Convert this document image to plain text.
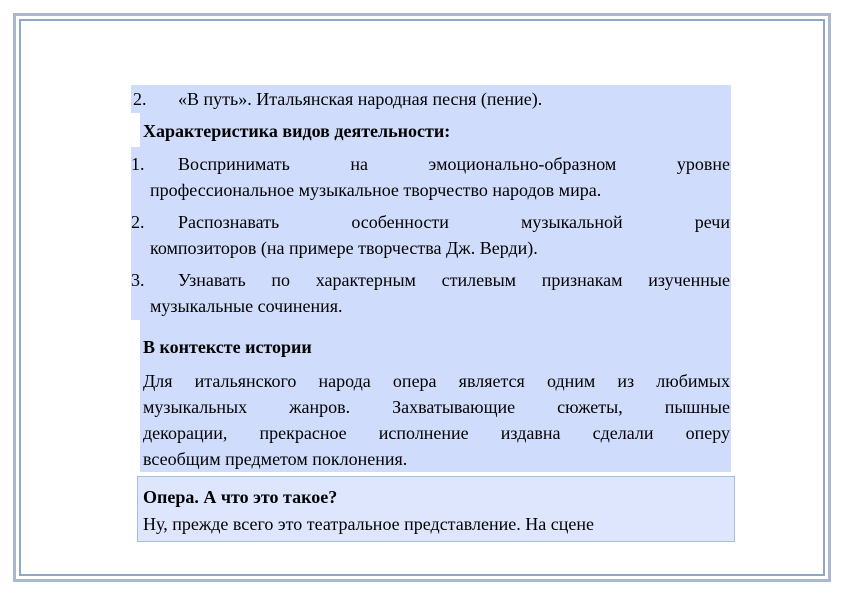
2. «В путь». Итальянская народная песня (пение).
Характеристика видов деятельности:
1. Воспринимать на эмоционально-образном уровне
профессиональное музыкальное творчество народов мира.
2. Распознавать особенности музыкальной речи
композиторов (на примере творчества Дж. Верди).
3. Узнавать по характерным стилевым признакам изученные
музыкальные сочинения.
В контексте истории
Для итальянского народа опера является одним из любимых
музыкальных жанров. Захватывающие сюжеты, пышные
декорации, прекрасное исполнение издавна сделали оперу
всеобщим предметом поклонения.
Опера. А что это такое?
Ну, прежде всего это театральное представление. На сцене
